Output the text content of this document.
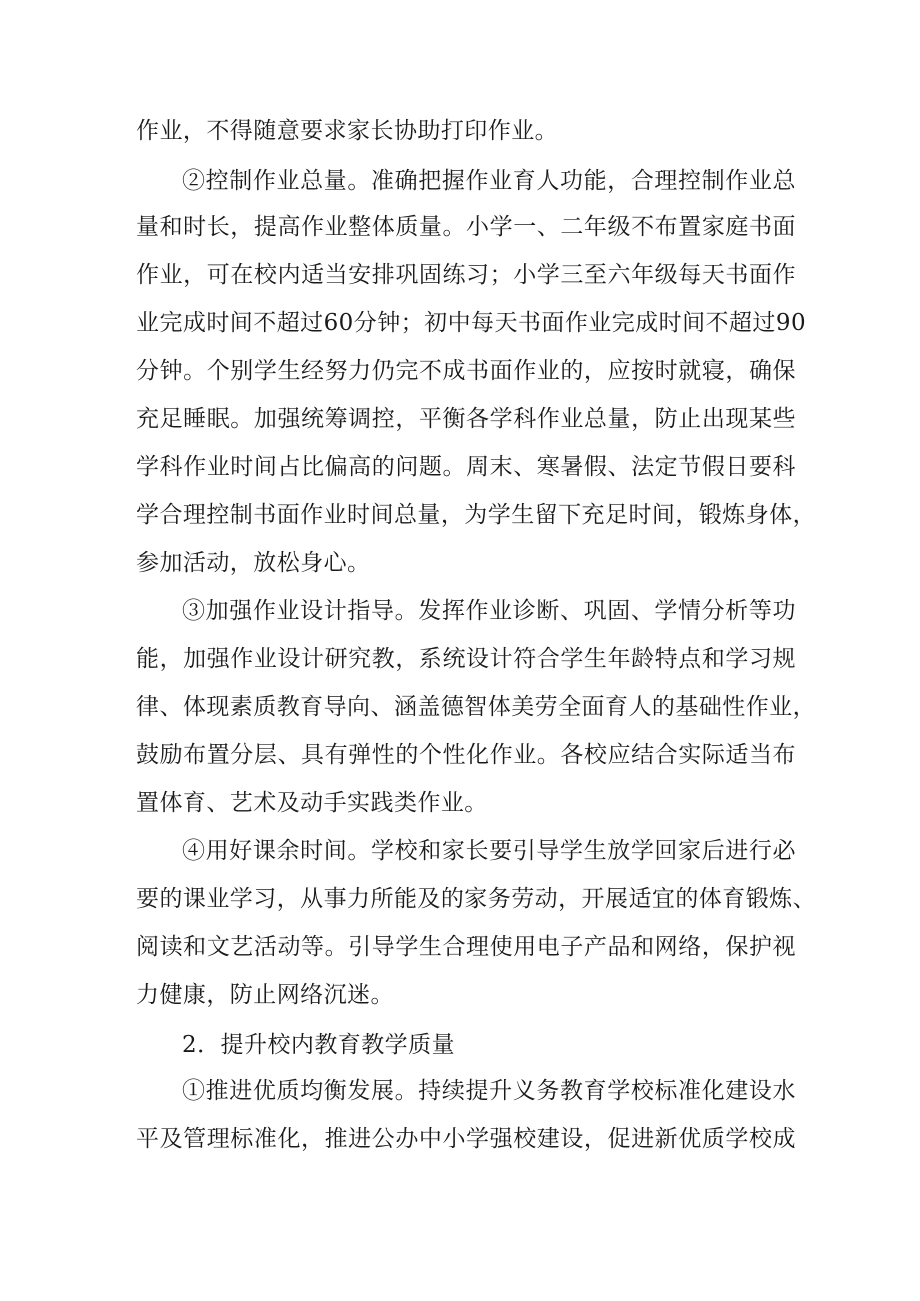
作业，不得随意要求家长协助打印作业。
②控制作业总量。准确把握作业育人功能，合理控制作业总
量和时长，提高作业整体质量。小学一、二年级不布置家庭书面
作业，可在校内适当安排巩固练习；小学三至六年级每天书面作
业完成时间不超过60分钟；初中每天书面作业完成时间不超过90
分钟。个别学生经努力仍完不成书面作业的，应按时就寝，确保
充足睡眠。加强统筹调控，平衡各学科作业总量，防止出现某些
学科作业时间占比偏高的问题。周末、寒暑假、法定节假日要科
学合理控制书面作业时间总量，为学生留下充足时间，锻炼身体，
参加活动，放松身心。
③加强作业设计指导。发挥作业诊断、巩固、学情分析等功
能，加强作业设计研究教，系统设计符合学生年龄特点和学习规
律、体现素质教育导向、涵盖德智体美劳全面育人的基础性作业，
鼓励布置分层、具有弹性的个性化作业。各校应结合实际适当布
置体育、艺术及动手实践类作业。
④用好课余时间。学校和家长要引导学生放学回家后进行必
要的课业学习，从事力所能及的家务劳动，开展适宜的体育锻炼、
阅读和文艺活动等。引导学生合理使用电子产品和网络，保护视
力健康，防止网络沉迷。
2．提升校内教育教学质量
①推进优质均衡发展。持续提升义务教育学校标准化建设水
平及管理标准化，推进公办中小学强校建设，促进新优质学校成
